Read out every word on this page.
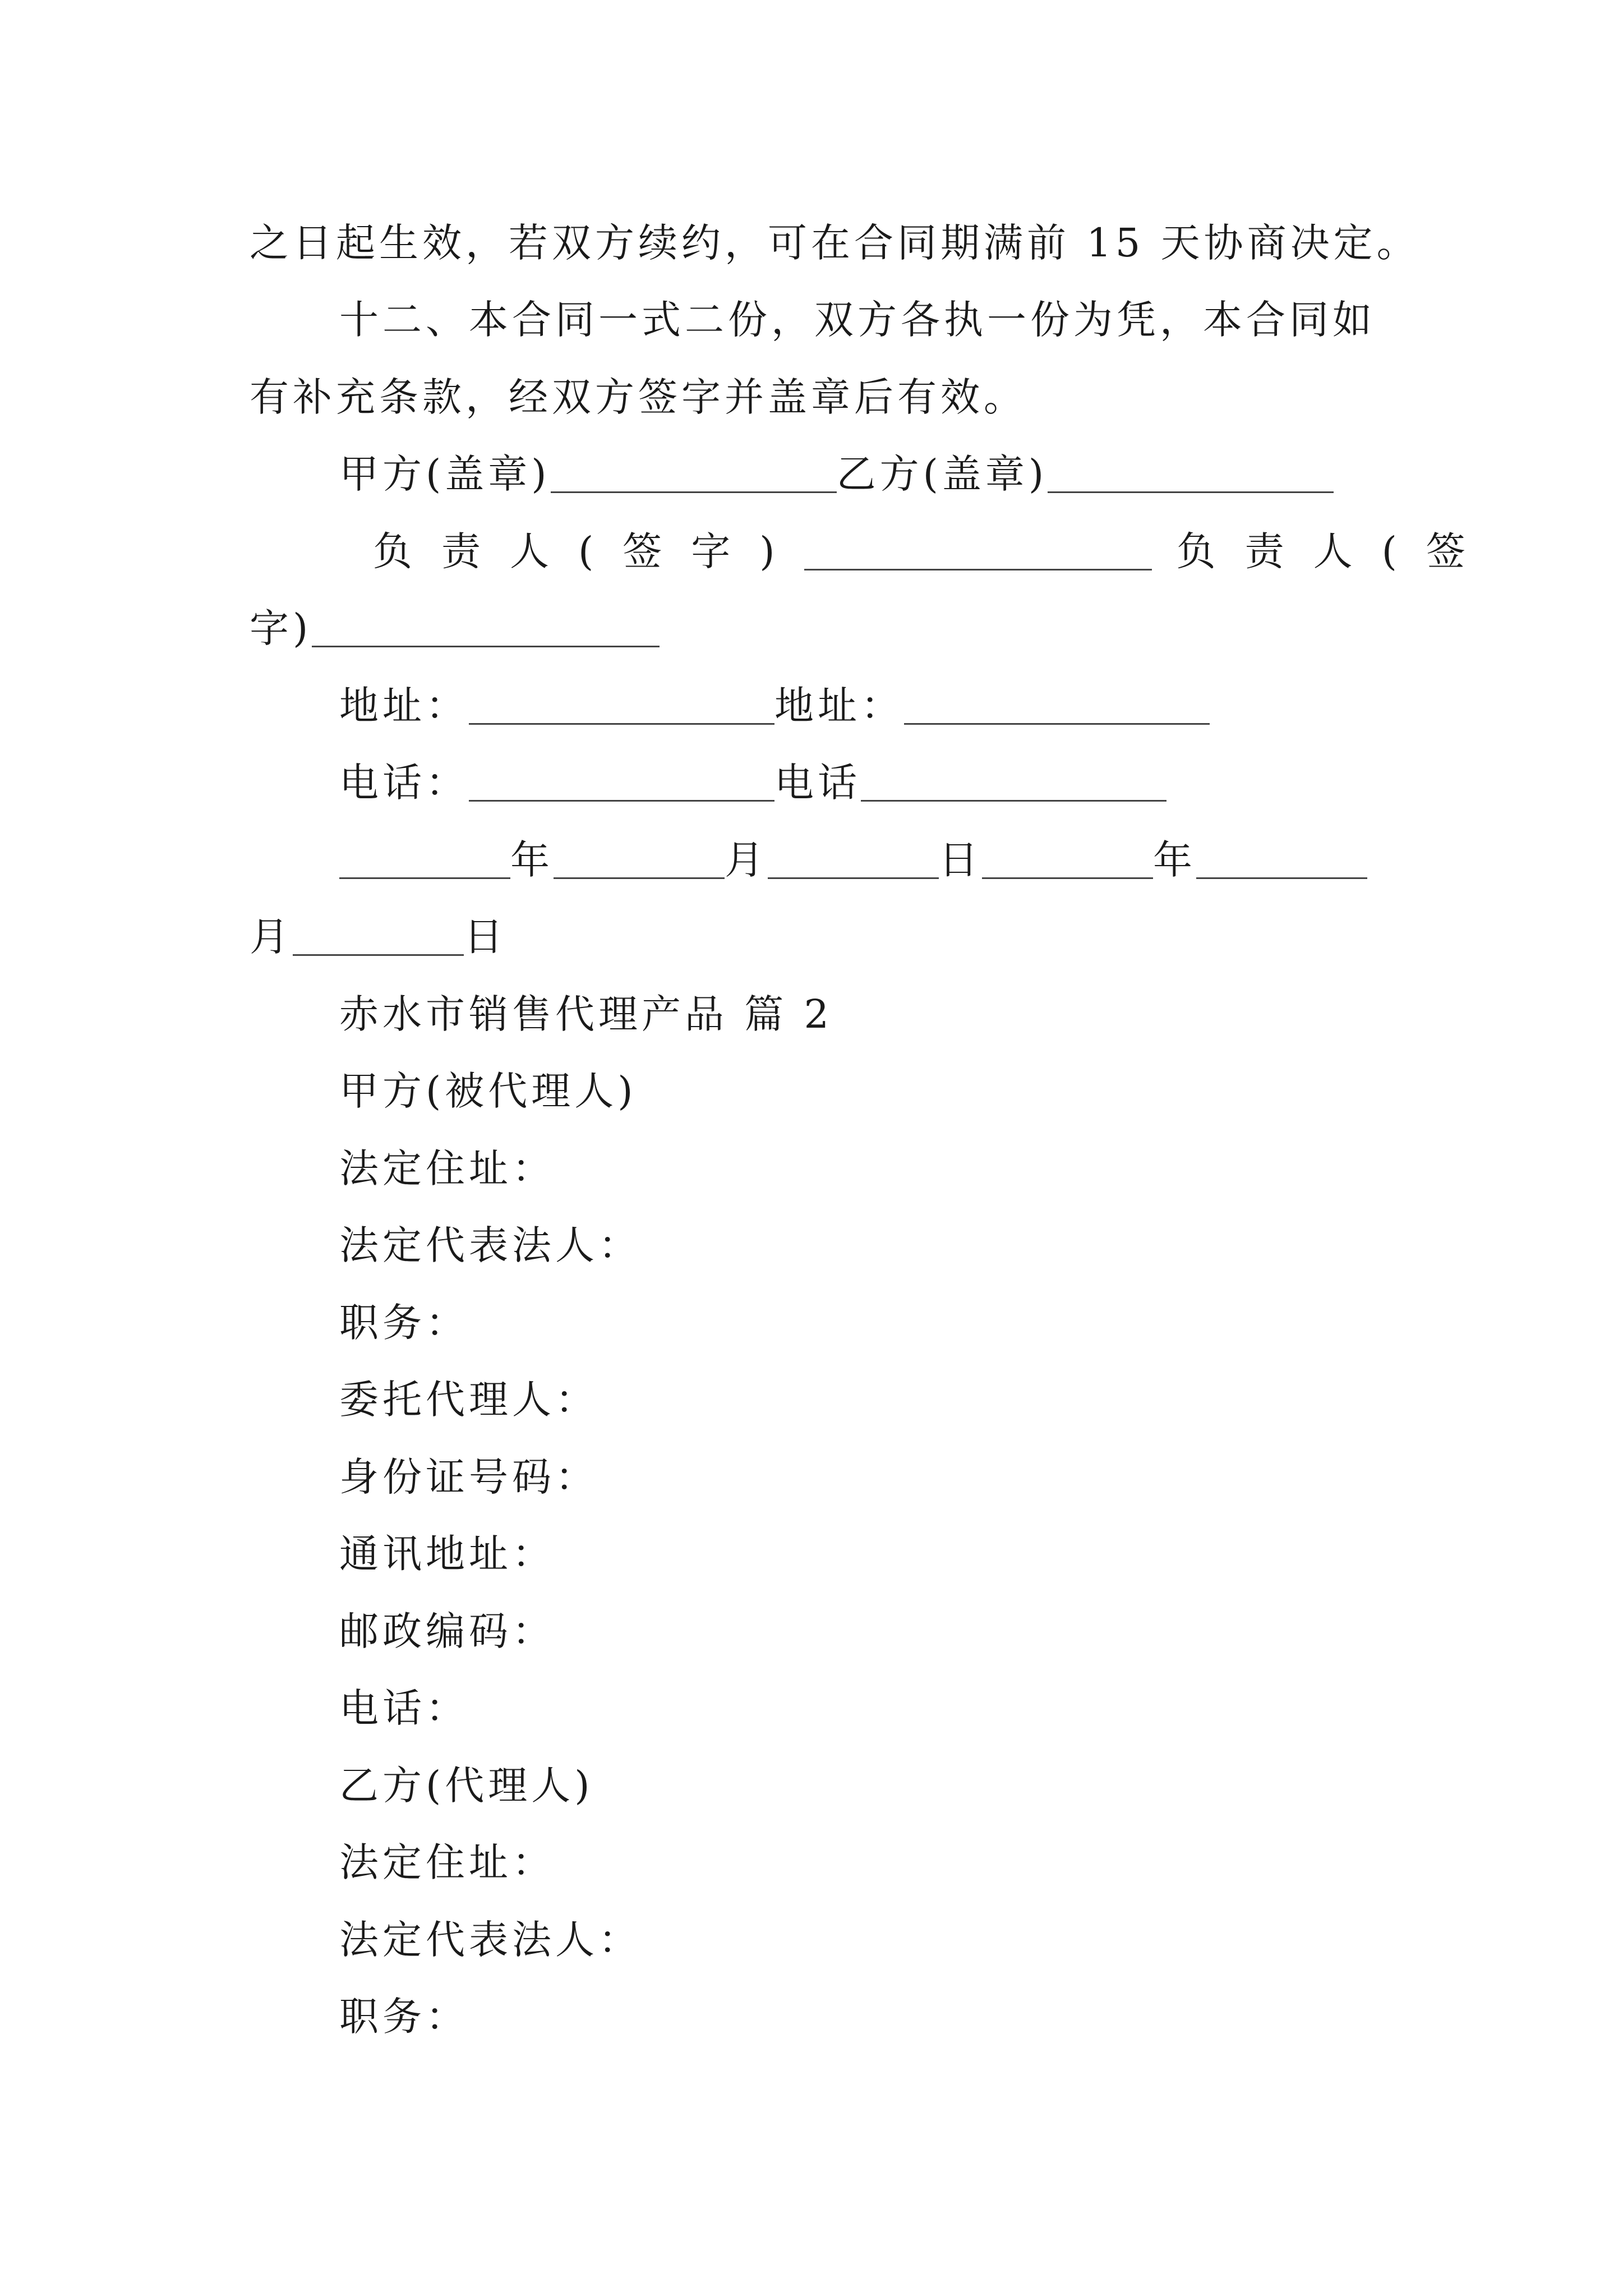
之日起生效，若双方续约，可在合同期满前 15 天协商决定。
十二、本合同一式二份，双方各执一份为凭，本合同如
有补充条款，经双方签字并盖章后有效。
甲方(盖章)	乙方(盖章)
负责人(签字)	负责人(签
字)
地址：	地址：
电话：	电话
年	月	日	年
月	日
赤水市销售代理产品 篇 2
甲方(被代理人)
法定住址：
法定代表法人：
职务：
委托代理人：
身份证号码：
通讯地址：
邮政编码：
电话：
乙方(代理人)
法定住址：
法定代表法人：
职务：
